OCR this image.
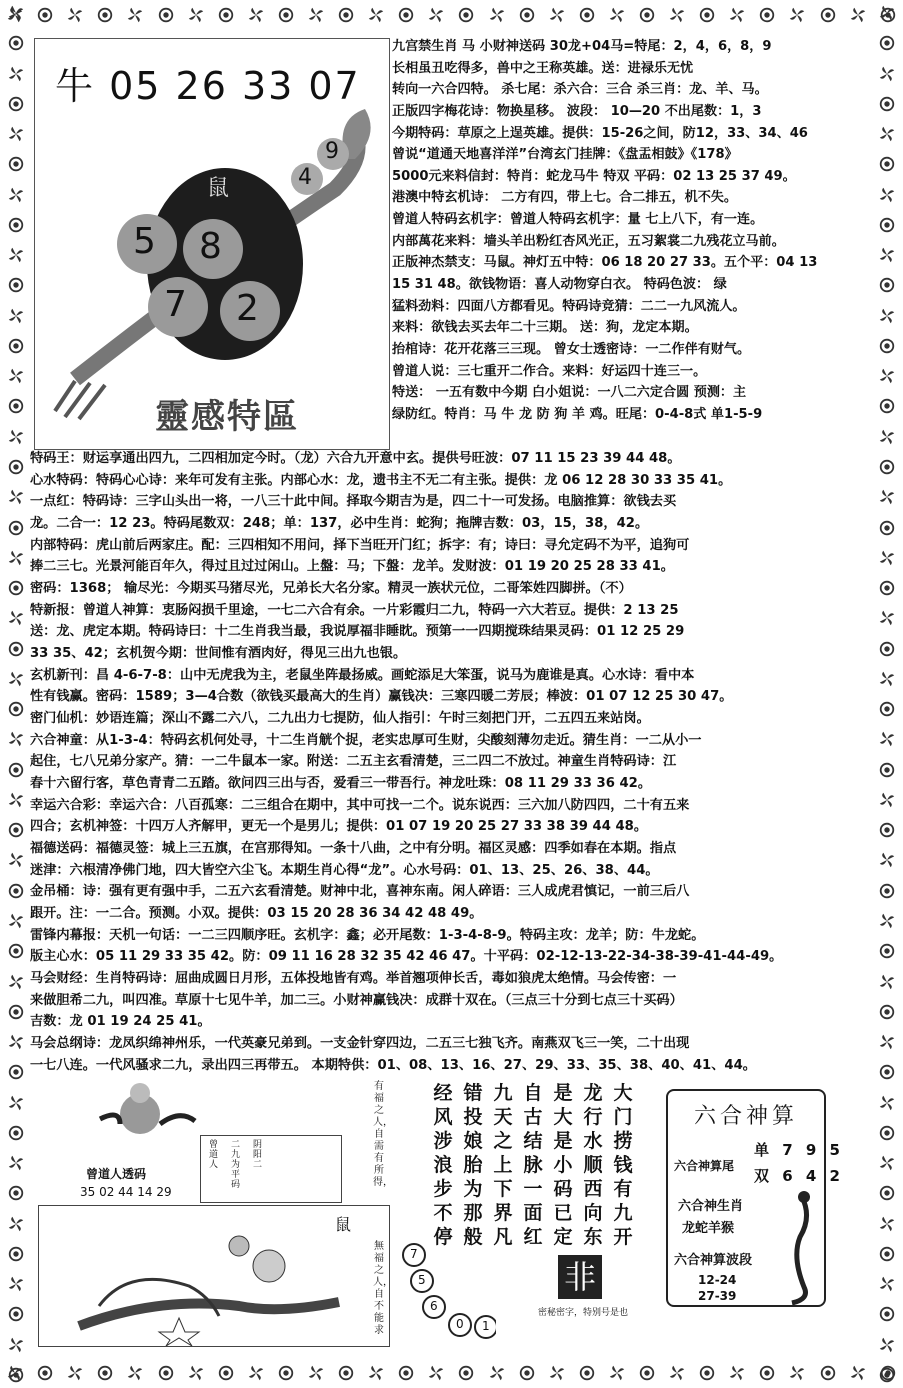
牛 05 26 33 07
鼠
5 8
7 2
4
9
靈感特區
九宫禁生肖 马 小财神送码 30龙+04马=特尾：2，4，6，8，9
长相虽丑吃得多，兽中之王称英雄。送：进禄乐无忧
转向一六合四特。 杀七尾：杀六合：三合 杀三肖：龙、羊、马。
正版四字梅花诗：物换星移。 波段： 10—20 不出尾数：1，3
今期特码：草原之上逞英雄。提供：15-26之间，防12，33、34、46
曾说“道通天地喜洋洋”台湾玄门挂牌：《盘盂相鼓》《178》
5000元来料信封：特肖：蛇龙马牛 特双 平码：02 13 25 37 49。
港澳中特玄机诗： 二方有四，带上七。合二排五，机不失。
曾道人特码玄机字：曾道人特码玄机字：量 七上八下，有一连。
内部萬花来料：墙头羊出粉红杏风光正，五习絮裳二九残花立马前。
正版神杰禁支：马鼠。神灯五中特：06 18 20 27 33。五个平：04 13
15 31 48。欲钱物语：喜人动物穿白衣。 特码色波： 绿
猛料劲料：四面八方都看见。特码诗竞猜：二二一九风流人。
来料：欲钱去买去年二十三期。 送：狗，龙定本期。
抬棺诗：花开花落三三现。 曾女士透密诗：一二作伴有财气。
曾道人说：三七重开二作合。来料：好运四十连三一。
特送： 一五有数中今期 白小姐说：一八二六定合圆 预测：主
绿防红。特肖：马 牛 龙 防 狗 羊 鸡。旺尾：0-4-8式 单1-5-9
特码王：财运享通出四九，二四相加定今时。（龙）六合九开意中玄。提供号旺波：07 11 15 23 39 44 48。
心水特码：特码心心诗：来年可发有主张。内部心水：龙，遗书主不无二有主张。提供：龙 06 12 28 30 33 35 41。
一点红：特码诗：三字山头出一将，一八三十此中间。择取今期吉为是，四二十一可发扬。电脑推算：欲钱去买
龙。二合一：12 23。特码尾数双：248；单：137，必中生肖：蛇狗；拖牌吉数：03，15，38，42。
内部特码：虎山前后两家庄。配：三四相知不用问，择下当旺开门红；拆字：有；诗曰：寻允定码不为平，追狗可
捧二三七。光景河能百年久，得过且过过闲山。上盤：马；下盤：龙羊。发财波：01 19 20 25 28 33 41。
密码：1368； 输尽光：今期买马猪尽光，兄弟长大名分家。精灵一族状元位，二哥笨姓四脚拼。（不）
特新报：曾道人神算：衷肠闷损千里途，一七二六合有余。一片彩霞归二九，特码一六大若豆。提供：2 13 25
送：龙、虎定本期。特码诗曰：十二生肖我当最，我说厚福非睡眈。预第一一四期搅珠结果灵码：01 12 25 29
33 35、42；玄机贺今期：世间惟有酒肉好，得见三出九也银。
玄机新刊：昌 4-6-7-8：山中无虎我为主，老鼠坐阵最扬威。画蛇添足大笨蛋，说马为鹿谁是真。心水诗：看中本
性有钱赢。密码：1589；3—4合数（欲钱买最高大的生肖）赢钱决：三寒四暖二芳辰；棒波：01 07 12 25 30 47。
密门仙机：妙语连篇；深山不露二六八，二九出力七提防，仙人指引：午时三刻把门开，二五四五来站岗。
六合神童：从1-3-4：特码玄机何处寻，十二生肖觥个捉，老实忠厚可生财，尖酸刻薄勿走近。猜生肖：一二从小一
起住，七八兄弟分家产。猜：一二牛鼠本一家。附送：二五主玄看清楚，三二四二不放过。神童生肖特码诗：江
春十六留行客，草色青青二五踏。欲问四三出与否，爱看三一带吾行。神龙吐珠：08 11 29 33 36 42。
幸运六合彩：幸运六合：八百孤寒：二三组合在期中，其中可找一二个。说东说西：三六加八防四四，二十有五来
四合；玄机神签：十四万人齐解甲，更无一个是男儿；提供：01 07 19 20 25 27 33 38 39 44 48。
福德送码：福德灵签：城上三五旗，在宫那得知。一条十八曲，之中有分明。福区灵感：四季如春在本期。指点
迷津：六根清净佛门地，四大皆空六尘飞。本期生肖心得“龙”。心水号码：01、13、25、26、38、44。
金吊桶：诗：强有更有强中手，二五六玄看清楚。财神中北，喜神东南。闲人碎语：三人成虎君慎记，一前三后八
跟开。注：一二合。预测。小双。提供：03 15 20 28 36 34 42 48 49。
雷锋内幕报：天机一句话：一二三四顺序旺。玄机字：鑫；必开尾数：1-3-4-8-9。特码主攻：龙羊；防：牛龙蛇。
版主心水：05 11 29 33 35 42。防：09 11 16 28 32 35 42 46 47。十平码：02-12-13-22-34-38-39-41-44-49。
马会财经：生肖特码诗：屈曲成圆日月形，五体投地皆有鸡。举首翘项伸长舌，毒如狼虎太绝情。马会传密：一
来做胆希二九，叫四准。草原十七见牛羊，加二三。小财神赢钱决：成群十双在。（三点三十分到七点三十买码）
吉数：龙 01 19 24 25 41。
马会总纲诗：龙凤织绵神州乐，一代英豪兄弟到。一支金针穿四边，二五三七独飞齐。南燕双飞三一笑，二十出现
一七八连。一代风骚求二九，录出四三再带五。 本期特供：01、08、13、16、27、29、33、35、38、40、41、44。
曾道人透码
35 02 44 14 29
曾道人
二九为平码
阴阳二
鼠
有福之人，自需有所得，
無福之人，自不能求
大门捞钱有九开
龙行水顺西向东
是大是小码已定
自古结脉一面红
九天之上下界凡
错投娘胎为那般
经风涉浪步不停
7
5
6
0 1
非
密秘密字，特别号是也
六合神算
六合神算尾
单 7 9 5
双 6 4 2
六合神生肖
龙蛇羊猴
六合神算波段
12-24
27-39
